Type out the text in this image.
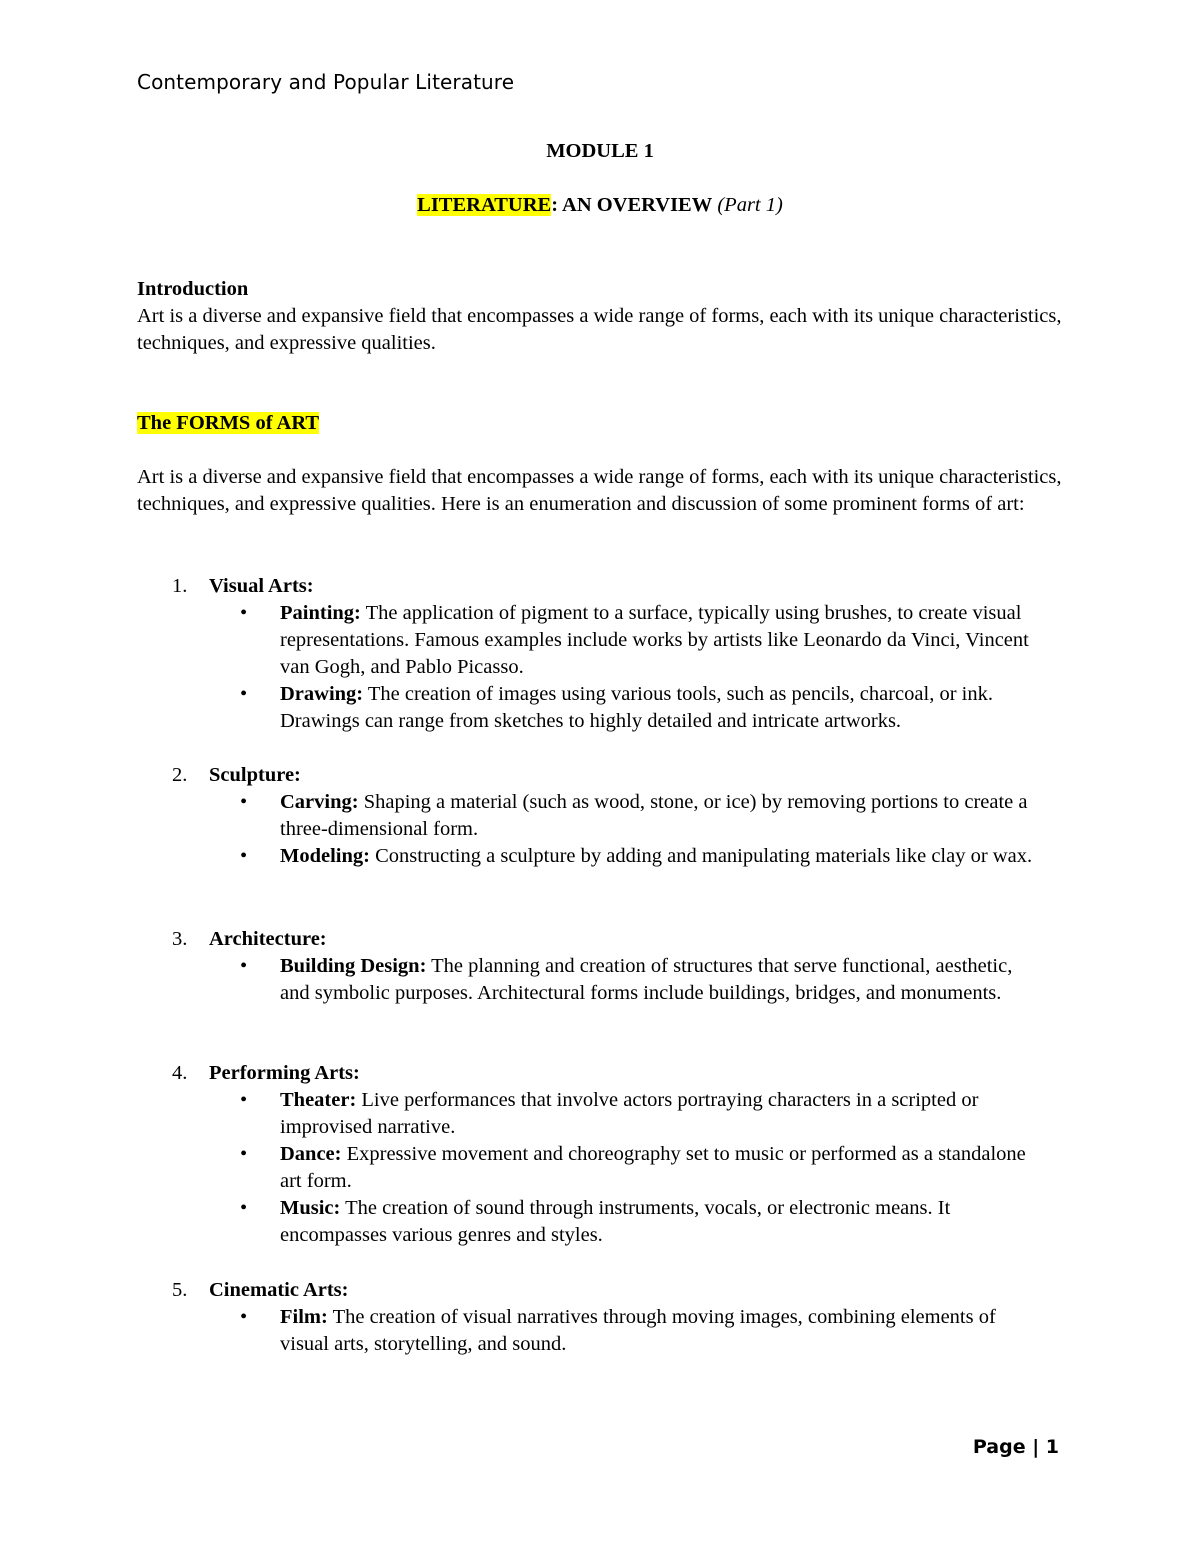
Contemporary and Popular Literature
MODULE 1
LITERATURE: AN OVERVIEW (Part 1)
Introduction
Art is a diverse and expansive field that encompasses a wide range of forms, each with its unique characteristics, techniques, and expressive qualities.
The FORMS of ART
Art is a diverse and expansive field that encompasses a wide range of forms, each with its unique characteristics, techniques, and expressive qualities. Here is an enumeration and discussion of some prominent forms of art:
1.	Visual Arts:
•	Painting: The application of pigment to a surface, typically using brushes, to create visual representations. Famous examples include works by artists like Leonardo da Vinci, Vincent van Gogh, and Pablo Picasso.
•	Drawing: The creation of images using various tools, such as pencils, charcoal, or ink. Drawings can range from sketches to highly detailed and intricate artworks.
2.	Sculpture:
•	Carving: Shaping a material (such as wood, stone, or ice) by removing portions to create a three-dimensional form.
•	Modeling: Constructing a sculpture by adding and manipulating materials like clay or wax.
3.	Architecture:
•	Building Design: The planning and creation of structures that serve functional, aesthetic, and symbolic purposes. Architectural forms include buildings, bridges, and monuments.
4.	Performing Arts:
•	Theater: Live performances that involve actors portraying characters in a scripted or improvised narrative.
•	Dance: Expressive movement and choreography set to music or performed as a standalone art form.
•	Music: The creation of sound through instruments, vocals, or electronic means. It encompasses various genres and styles.
5.	Cinematic Arts:
•	Film: The creation of visual narratives through moving images, combining elements of visual arts, storytelling, and sound.
Page | 1
